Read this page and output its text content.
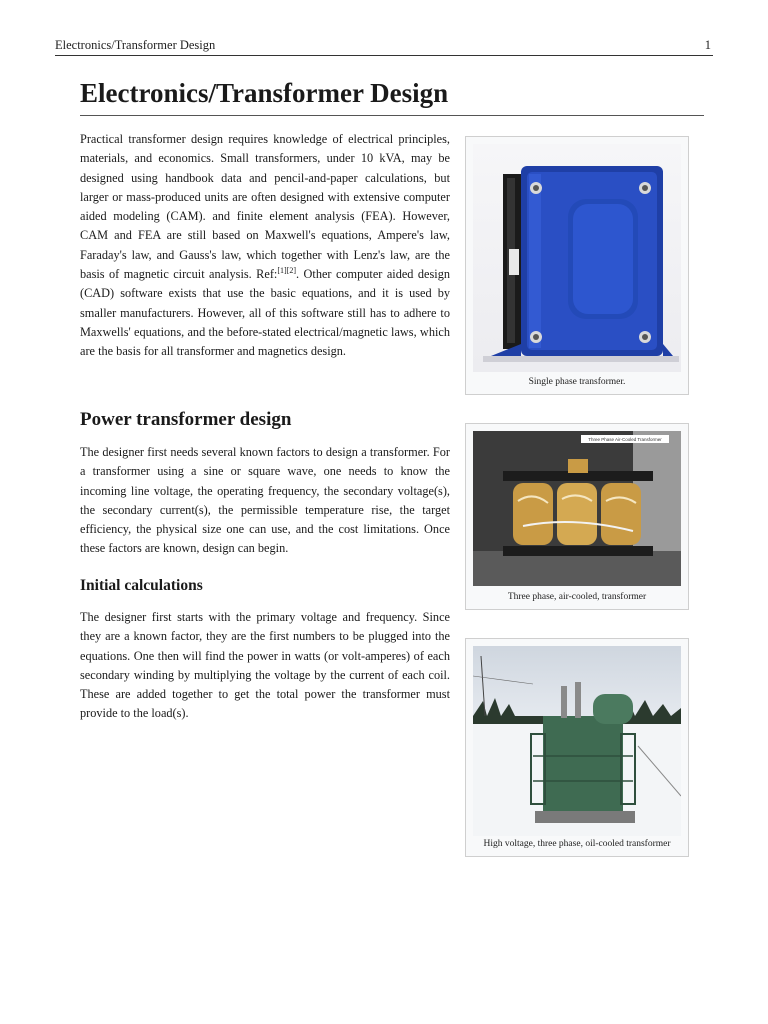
Electronics/Transformer Design	1
Electronics/Transformer Design

Practical transformer design requires knowledge of electrical principles, materials, and economics. Small transformers, under 10 kVA, may be designed using handbook data and pencil-and-paper calculations, but larger or mass-produced units are often designed with extensive computer aided modeling (CAM). and finite element analysis (FEA). However, CAM and FEA are still based on Maxwell's equations, Ampere's law, Faraday's law, and Gauss's law, which together with Lenz's law, are the basis of magnetic circuit analysis. Ref:[1][2]. Other computer aided design (CAD) software exists that use the basic equations, and it is used by smaller manufacturers. However, all of this software still has to adhere to Maxwells' equations, and the before-stated electrical/magnetic laws, which are the basis for all transformer and magnetics design.

Power transformer design

The designer first needs several known factors to design a transformer. For a transformer using a sine or square wave, one needs to know the incoming line voltage, the operating frequency, the secondary voltage(s), the secondary current(s), the permissible temperature rise, the target efficiency, the physical size one can use, and the cost limitations. Once these factors are known, design can begin.

Initial calculations

The designer first starts with the primary voltage and frequency. Since they are a known factor, they are the first numbers to be plugged into the equations. One then will find the power in watts (or volt-amperes) of each secondary winding by multiplying the voltage by the current of each coil. These are added together to get the total power the transformer must provide to the load(s).

Single phase transformer.
Three Phase Air-Cooled Transformer
Three phase, air-cooled, transformer
High voltage, three phase, oil-cooled transformer
